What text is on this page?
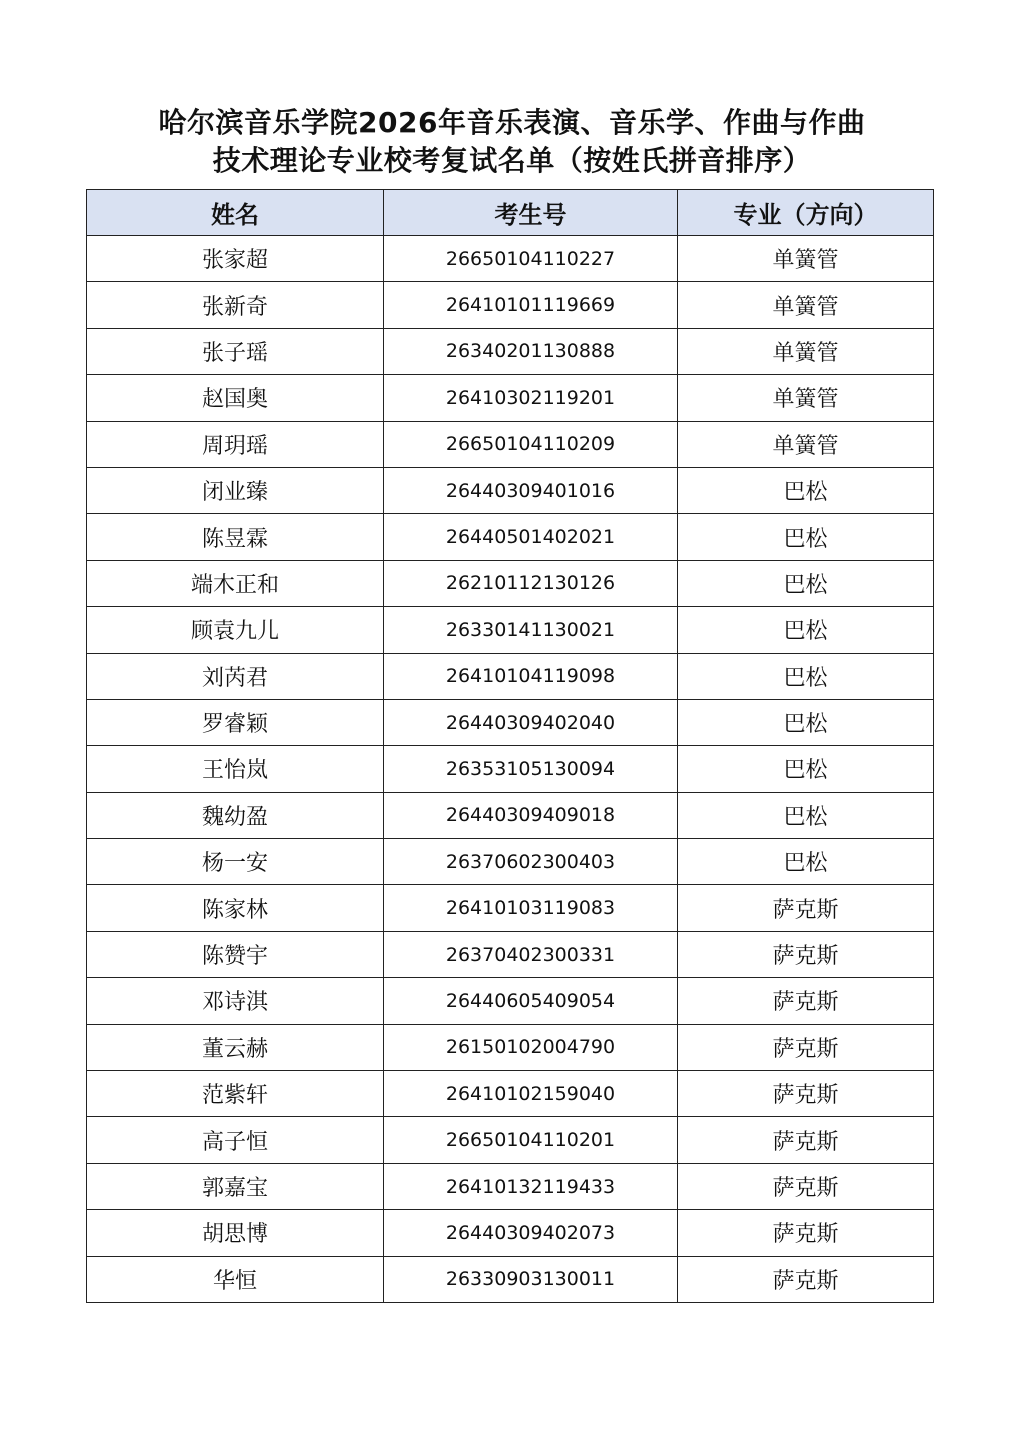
哈尔滨音乐学院2026年音乐表演、音乐学、作曲与作曲
技术理论专业校考复试名单（按姓氏拼音排序）
姓名	考生号	专业（方向）
张家超	26650104110227	单簧管
张新奇	26410101119669	单簧管
张子瑶	26340201130888	单簧管
赵国奥	26410302119201	单簧管
周玥瑶	26650104110209	单簧管
闭业臻	26440309401016	巴松
陈昱霖	26440501402021	巴松
端木正和	26210112130126	巴松
顾袁九儿	26330141130021	巴松
刘芮君	26410104119098	巴松
罗睿颖	26440309402040	巴松
王怡岚	26353105130094	巴松
魏幼盈	26440309409018	巴松
杨一安	26370602300403	巴松
陈家林	26410103119083	萨克斯
陈赞宇	26370402300331	萨克斯
邓诗淇	26440605409054	萨克斯
董云赫	26150102004790	萨克斯
范紫轩	26410102159040	萨克斯
高子恒	26650104110201	萨克斯
郭嘉宝	26410132119433	萨克斯
胡思博	26440309402073	萨克斯
华恒	26330903130011	萨克斯
